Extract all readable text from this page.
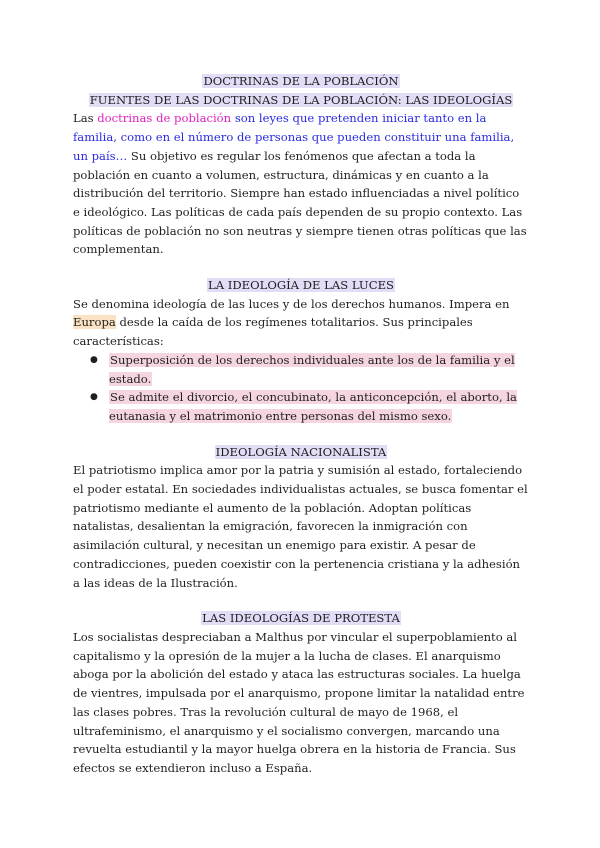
DOCTRINAS DE LA POBLACIÓN

FUENTES DE LAS DOCTRINAS DE LA POBLACIÓN: LAS IDEOLOGÍAS

Las doctrinas de población son leyes que pretenden iniciar tanto en la familia, como en el número de personas que pueden constituir una familia, un país… Su objetivo es regular los fenómenos que afectan a toda la población en cuanto a volumen, estructura, dinámicas y en cuanto a la distribución del territorio. Siempre han estado influenciadas a nivel político e ideológico. Las políticas de cada país dependen de su propio contexto. Las políticas de población no son neutras y siempre tienen otras políticas que las complementan.

LA IDEOLOGÍA DE LAS LUCES

Se denomina ideología de las luces y de los derechos humanos. Impera en Europa desde la caída de los regímenes totalitarios. Sus principales características:

● Superposición de los derechos individuales ante los de la familia y el estado.
● Se admite el divorcio, el concubinato, la anticoncepción, el aborto, la eutanasia y el matrimonio entre personas del mismo sexo.

IDEOLOGÍA NACIONALISTA

El patriotismo implica amor por la patria y sumisión al estado, fortaleciendo el poder estatal. En sociedades individualistas actuales, se busca fomentar el patriotismo mediante el aumento de la población. Adoptan políticas natalistas, desalientan la emigración, favorecen la inmigración con asimilación cultural, y necesitan un enemigo para existir. A pesar de contradicciones, pueden coexistir con la pertenencia cristiana y la adhesión a las ideas de la Ilustración.

LAS IDEOLOGÍAS DE PROTESTA

Los socialistas despreciaban a Malthus por vincular el superpoblamiento al capitalismo y la opresión de la mujer a la lucha de clases. El anarquismo aboga por la abolición del estado y ataca las estructuras sociales. La huelga de vientres, impulsada por el anarquismo, propone limitar la natalidad entre las clases pobres. Tras la revolución cultural de mayo de 1968, el ultrafeminismo, el anarquismo y el socialismo convergen, marcando una revuelta estudiantil y la mayor huelga obrera en la historia de Francia. Sus efectos se extendieron incluso a España.
